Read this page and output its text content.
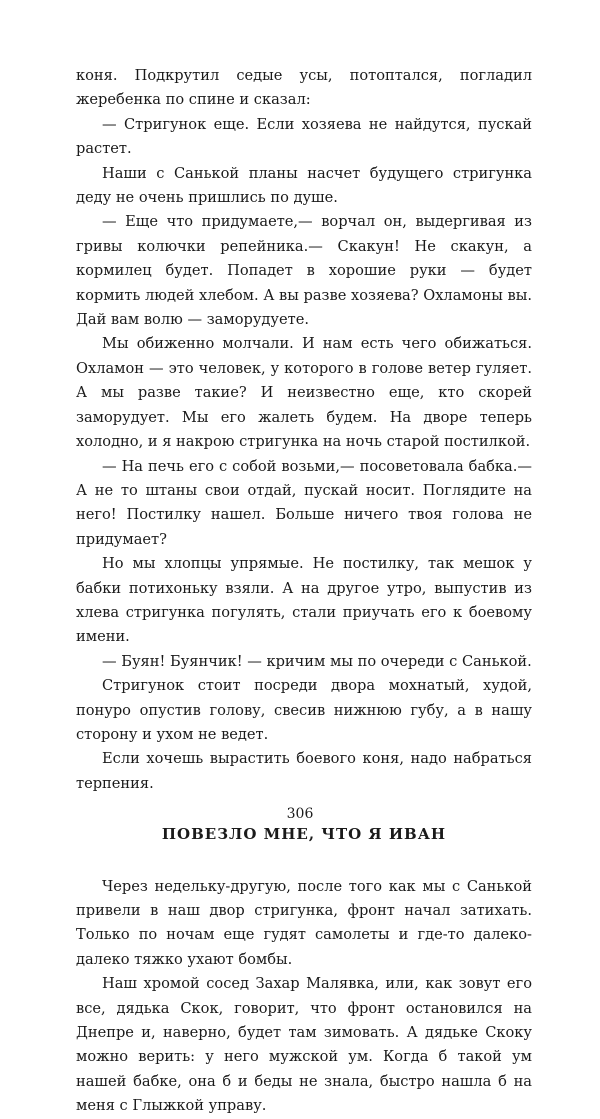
коня. Подкрутил седые усы, потоптался, погладил жеребенка по спине и сказал:

— Стригунок еще. Если хозяева не найдутся, пускай растет.

Наши с Санькой планы насчет будущего стригунка деду не очень пришлись по душе.

— Еще что придумаете,— ворчал он, выдергивая из гривы колючки репейника.— Скакун! Не скакун, а кормилец будет. Попадет в хорошие руки — будет кормить людей хлебом. А вы разве хозяева? Охламоны вы. Дай вам волю — заморудуете.

Мы обиженно молчали. И нам есть чего обижаться. Охламон — это человек, у которого в голове ветер гуляет. А мы разве такие? И неизвестно еще, кто скорей заморудует. Мы его жалеть будем. На дворе теперь холодно, и я накрою стригунка на ночь старой постилкой.

— На печь его с собой возьми,— посоветовала бабка.— А не то штаны свои отдай, пускай носит. Поглядите на него! Постилку нашел. Больше ничего твоя голова не придумает?

Но мы хлопцы упрямые. Не постилку, так мешок у бабки потихоньку взяли. А на другое утро, выпустив из хлева стригунка погулять, стали приучать его к боевому имени.

— Буян! Буянчик! — кричим мы по очереди с Санькой.

Стригунок стоит посреди двора мохнатый, худой, понуро опустив голову, свесив нижнюю губу, а в нашу сторону и ухом не ведет.

Если хочешь вырастить боевого коня, надо набраться терпения.

ПОВЕЗЛО МНЕ, ЧТО Я ИВАН

Через недельку-другую, после того как мы с Санькой привели в наш двор стригунка, фронт начал затихать. Только по ночам еще гудят самолеты и где-то далеко-далеко тяжко ухают бомбы.

Наш хромой сосед Захар Малявка, или, как зовут его все, дядька Скок, говорит, что фронт остановился на Днепре и, наверно, будет там зимовать. А дядьке Скоку можно верить: у него мужской ум. Когда б такой ум нашей бабке, она б и беды не знала, быстро нашла б на меня с Глыжкой управу.

306
